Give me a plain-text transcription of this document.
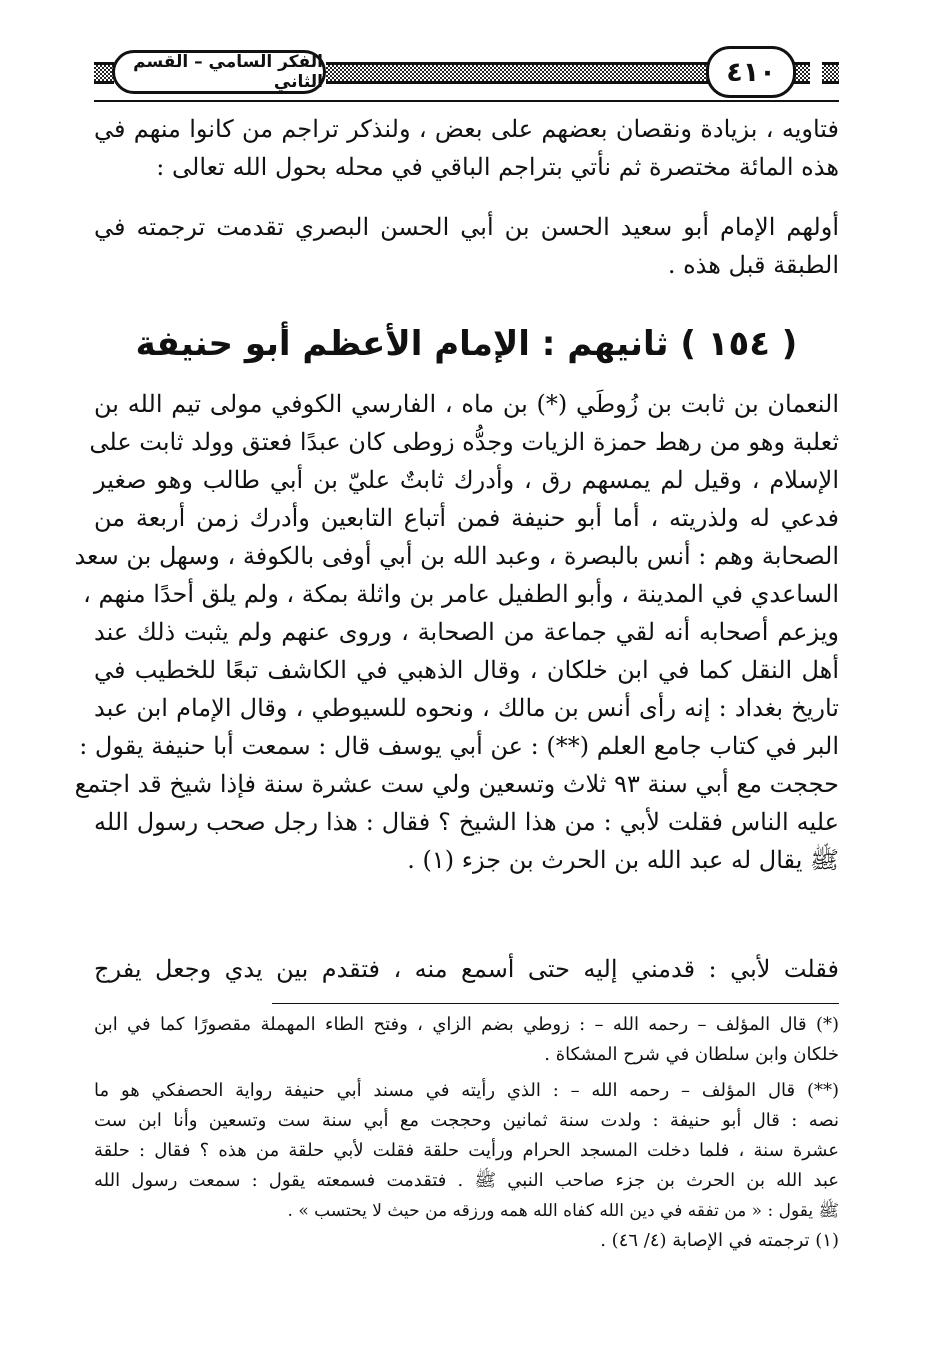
الفكر السامي – القسم الثاني	٤١٠
فتاويه ، بزيادة ونقصان بعضهم على بعض ، ولنذكر تراجم من كانوا منهم في
هذه المائة مختصرة ثم نأتي بتراجم الباقي في محله بحول الله تعالى :
أولهم الإمام أبو سعيد الحسن بن أبي الحسن البصري تقدمت ترجمته في
الطبقة قبل هذه .
( ١٥٤ ) ثانيهم : الإمام الأعظم أبو حنيفة
النعمان بن ثابت بن زُوطَي (*) بن ماه ، الفارسي الكوفي مولى تيم الله بن
ثعلبة وهو من رهط حمزة الزيات وجدُّه زوطى كان عبدًا فعتق وولد ثابت على
الإسلام ، وقيل لم يمسهم رق ، وأدرك ثابتٌ عليّ بن أبي طالب وهو صغير
فدعي له ولذريته ، أما أبو حنيفة فمن أتباع التابعين وأدرك زمن أربعة من
الصحابة وهم : أنس بالبصرة ، وعبد الله بن أبي أوفى بالكوفة ، وسهل بن سعد
الساعدي في المدينة ، وأبو الطفيل عامر بن واثلة بمكة ، ولم يلق أحدًا منهم ،
ويزعم أصحابه أنه لقي جماعة من الصحابة ، وروى عنهم ولم يثبت ذلك عند
أهل النقل كما في ابن خلكان ، وقال الذهبي في الكاشف تبعًا للخطيب في
تاريخ بغداد : إنه رأى أنس بن مالك ، ونحوه للسيوطي ، وقال الإمام ابن عبد
البر في كتاب جامع العلم (**) : عن أبي يوسف قال : سمعت أبا حنيفة يقول :
حججت مع أبي سنة ٩٣ ثلاث وتسعين ولي ست عشرة سنة فإذا شيخ قد اجتمع
عليه الناس فقلت لأبي : من هذا الشيخ ؟ فقال : هذا رجل صحب رسول الله
ﷺ يقال له عبد الله بن الحرث بن جزء (١) .
فقلت لأبي : قدمني إليه حتى أسمع منه ، فتقدم بين يدي وجعل يفرج
(*) قال المؤلف – رحمه الله – : زوطي بضم الزاي ، وفتح الطاء المهملة مقصورًا كما في ابن
خلكان وابن سلطان في شرح المشكاة .
(**) قال المؤلف – رحمه الله – : الذي رأيته في مسند أبي حنيفة رواية الحصفكي هو ما
نصه : قال أبو حنيفة : ولدت سنة ثمانين وحججت مع أبي سنة ست وتسعين وأنا ابن ست
عشرة سنة ، فلما دخلت المسجد الحرام ورأيت حلقة فقلت لأبي حلقة من هذه ؟ فقال : حلقة
عبد الله بن الحرث بن جزء صاحب النبي ﷺ . فتقدمت فسمعته يقول : سمعت رسول الله
ﷺ يقول : « من تفقه في دين الله كفاه الله همه ورزقه من حيث لا يحتسب » .
(١) ترجمته في الإصابة (٤/ ٤٦) .
